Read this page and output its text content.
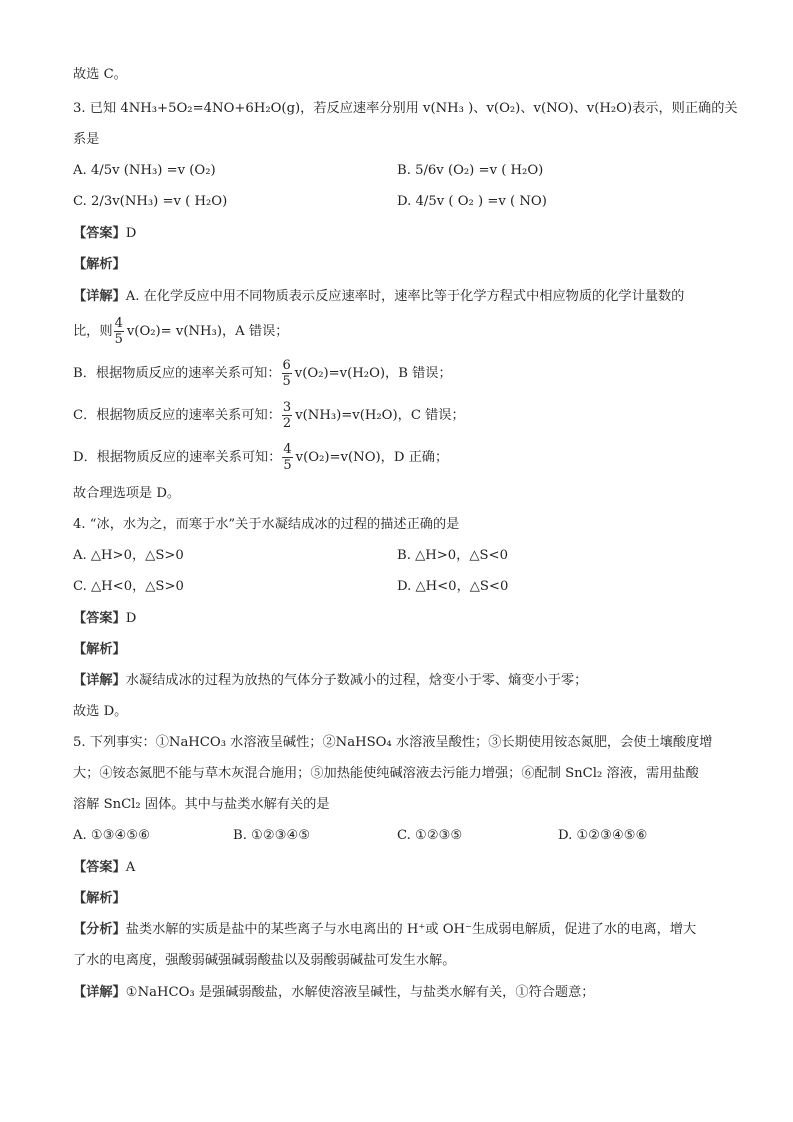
故选 C。
3. 已知 4NH₃+5O₂=4NO+6H₂O(g)，若反应速率分别用 v(NH₃ )、v(O₂)、v(NO)、v(H₂O)表示，则正确的关
系是
A. 4/5v (NH₃) =v (O₂)	B. 5/6v (O₂) =v ( H₂O)
C. 2/3v(NH₃) =v ( H₂O)	D. 4/5v ( O₂ ) =v ( NO)
【答案】D
【解析】
【详解】A. 在化学反应中用不同物质表示反应速率时，速率比等于化学方程式中相应物质的化学计量数的
比，则 $\frac{4}{5} v(O_2)= v(NH_3)$，A 错误；
B．根据物质反应的速率关系可知： $\frac{6}{5} v(O_2)=v(H_2O)$，B 错误；
C．根据物质反应的速率关系可知： $\frac{3}{2} v(NH_3)=v(H_2O)$，C 错误；
D．根据物质反应的速率关系可知： $\frac{4}{5} v(O_2)=v(NO)$，D 正确；
故合理选项是 D。
4. “冰，水为之，而寒于水”关于水凝结成冰的过程的描述正确的是
A. △H>0，△S>0	B. △H>0，△S<0
C. △H<0，△S>0	D. △H<0，△S<0
【答案】D
【解析】
【详解】水凝结成冰的过程为放热的气体分子数减小的过程，焓变小于零、熵变小于零；
故选 D。
5. 下列事实：①NaHCO₃ 水溶液呈碱性；②NaHSO₄ 水溶液呈酸性；③长期使用铵态氮肥，会使土壤酸度增
大；④铵态氮肥不能与草木灰混合施用；⑤加热能使纯碱溶液去污能力增强；⑥配制 SnCl₂ 溶液，需用盐酸
溶解 SnCl₂ 固体。其中与盐类水解有关的是
A. ①③④⑤⑥	B. ①②③④⑤	C. ①②③⑤	D. ①②③④⑤⑥
【答案】A
【解析】
【分析】盐类水解的实质是盐中的某些离子与水电离出的 H⁺或 OH⁻生成弱电解质，促进了水的电离，增大
了水的电离度，强酸弱碱强碱弱酸盐以及弱酸弱碱盐可发生水解。
【详解】①NaHCO₃ 是强碱弱酸盐，水解使溶液呈碱性，与盐类水解有关，①符合题意；
